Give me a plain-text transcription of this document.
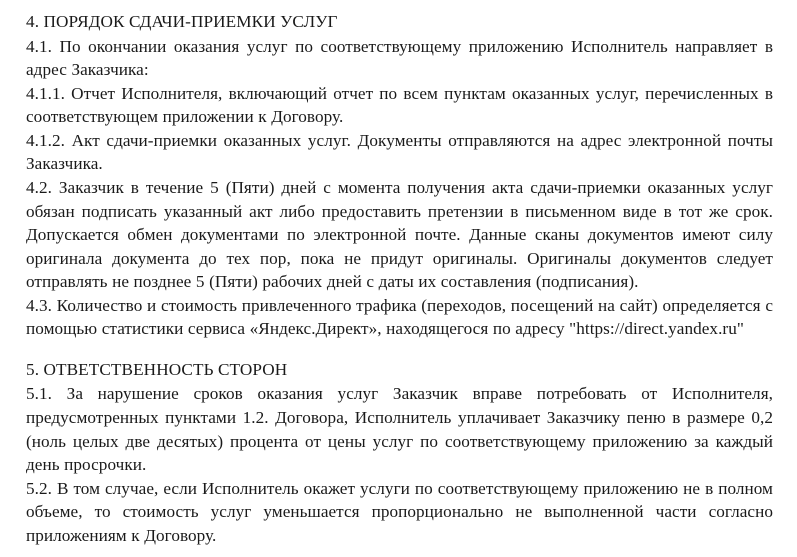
4. ПОРЯДОК СДАЧИ-ПРИЕМКИ УСЛУГ

4.1. По окончании оказания услуг по соответствующему приложению Исполнитель направляет в адрес Заказчика:

4.1.1. Отчет Исполнителя, включающий отчет по всем пунктам оказанных услуг, перечисленных в соответствующем приложении к Договору.

4.1.2. Акт сдачи-приемки оказанных услуг. Документы отправляются на адрес электронной почты Заказчика.

4.2. Заказчик в течение 5 (Пяти) дней с момента получения акта сдачи-приемки оказанных услуг обязан подписать указанный акт либо предоставить претензии в письменном виде в тот же срок. Допускается обмен документами по электронной почте. Данные сканы документов имеют силу оригинала документа до тех пор, пока не придут оригиналы. Оригиналы документов следует отправлять не позднее 5 (Пяти) рабочих дней с даты их составления (подписания).

4.3. Количество и стоимость привлеченного трафика (переходов, посещений на сайт) определяется с помощью статистики сервиса «Яндекс.Директ», находящегося по адресу "https://direct.yandex.ru"

5. ОТВЕТСТВЕННОСТЬ СТОРОН

5.1. За нарушение сроков оказания услуг Заказчик вправе потребовать от Исполнителя, предусмотренных пунктами 1.2. Договора, Исполнитель уплачивает Заказчику пеню в размере 0,2 (ноль целых две десятых) процента от цены услуг по соответствующему приложению за каждый день просрочки.

5.2. В том случае, если Исполнитель окажет услуги по соответствующему приложению не в полном объеме, то стоимость услуг уменьшается пропорционально не выполненной части согласно приложениям к Договору.
